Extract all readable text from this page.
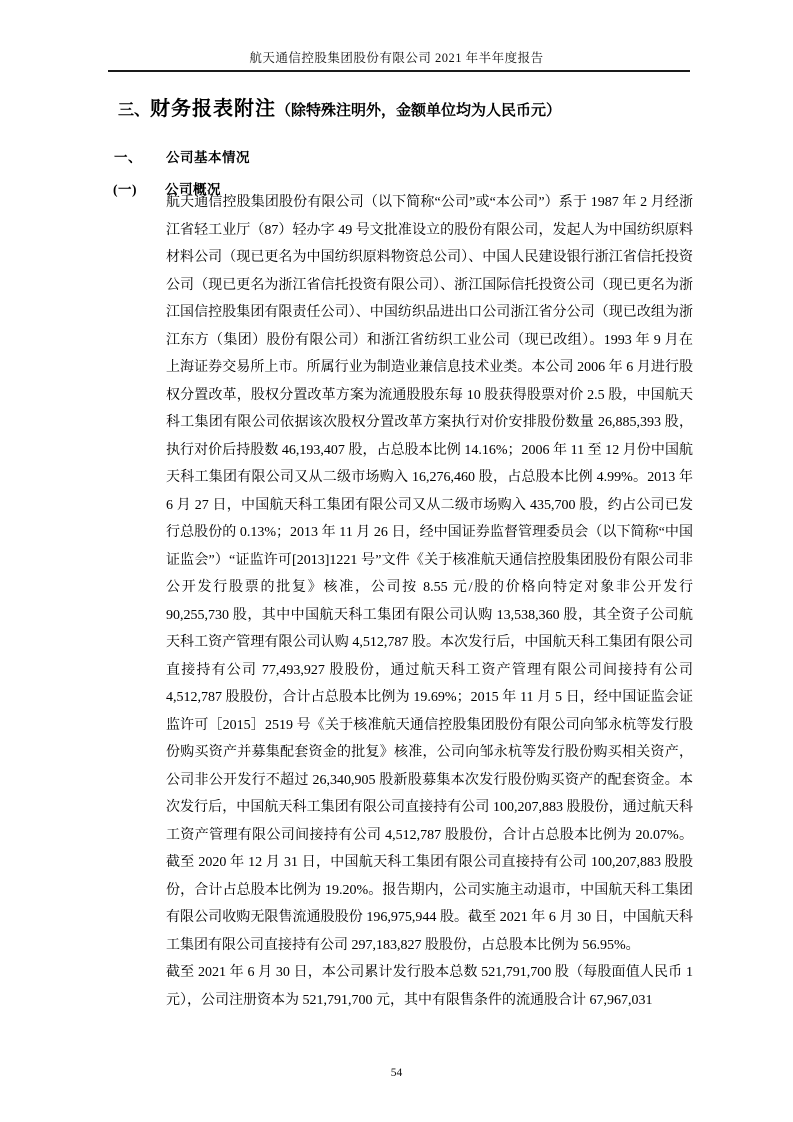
航天通信控股集团股份有限公司 2021 年半年度报告
三、财务报表附注（除特殊注明外，金额单位均为人民币元）
一、 公司基本情况
(一) 公司概况

航天通信控股集团股份有限公司（以下简称“公司”或“本公司”）系于 1987 年 2 月经浙江省轻工业厅（87）轻办字 49 号文批准设立的股份有限公司，发起人为中国纺织原料材料公司（现已更名为中国纺织原料物资总公司）、中国人民建设银行浙江省信托投资公司（现已更名为浙江省信托投资有限公司）、浙江国际信托投资公司（现已更名为浙江国信控股集团有限责任公司）、中国纺织品进出口公司浙江省分公司（现已改组为浙江东方（集团）股份有限公司）和浙江省纺织工业公司（现已改组）。1993 年 9 月在上海证券交易所上市。所属行业为制造业兼信息技术业类。本公司 2006 年 6 月进行股权分置改革，股权分置改革方案为流通股股东每 10 股获得股票对价 2.5 股，中国航天科工集团有限公司依据该次股权分置改革方案执行对价安排股份数量 26,885,393 股，执行对价后持股数 46,193,407 股，占总股本比例 14.16%；2006 年 11 至 12 月份中国航天科工集团有限公司又从二级市场购入 16,276,460 股，占总股本比例 4.99%。2013 年 6 月 27 日，中国航天科工集团有限公司又从二级市场购入 435,700 股，约占公司已发行总股份的 0.13%；2013 年 11 月 26 日，经中国证券监督管理委员会（以下简称“中国证监会”）“证监许可[2013]1221 号”文件《关于核准航天通信控股集团股份有限公司非公开发行股票的批复》核准，公司按 8.55 元/股的价格向特定对象非公开发行 90,255,730 股，其中中国航天科工集团有限公司认购 13,538,360 股，其全资子公司航天科工资产管理有限公司认购 4,512,787 股。本次发行后，中国航天科工集团有限公司直接持有公司 77,493,927 股股份，通过航天科工资产管理有限公司间接持有公司 4,512,787 股股份，合计占总股本比例为 19.69%；2015 年 11 月 5 日，经中国证监会证监许可［2015］2519 号《关于核准航天通信控股集团股份有限公司向邹永杭等发行股份购买资产并募集配套资金的批复》核准，公司向邹永杭等发行股份购买相关资产，公司非公开发行不超过 26,340,905 股新股募集本次发行股份购买资产的配套资金。本次发行后，中国航天科工集团有限公司直接持有公司 100,207,883 股股份，通过航天科工资产管理有限公司间接持有公司 4,512,787 股股份，合计占总股本比例为 20.07%。截至 2020 年 12 月 31 日，中国航天科工集团有限公司直接持有公司 100,207,883 股股份，合计占总股本比例为 19.20%。报告期内，公司实施主动退市，中国航天科工集团有限公司收购无限售流通股股份 196,975,944 股。截至 2021 年 6 月 30 日，中国航天科工集团有限公司直接持有公司 297,183,827 股股份，占总股本比例为 56.95%。

截至 2021 年 6 月 30 日，本公司累计发行股本总数 521,791,700 股（每股面值人民币 1 元），公司注册资本为 521,791,700 元，其中有限售条件的流通股合计 67,967,031

54
